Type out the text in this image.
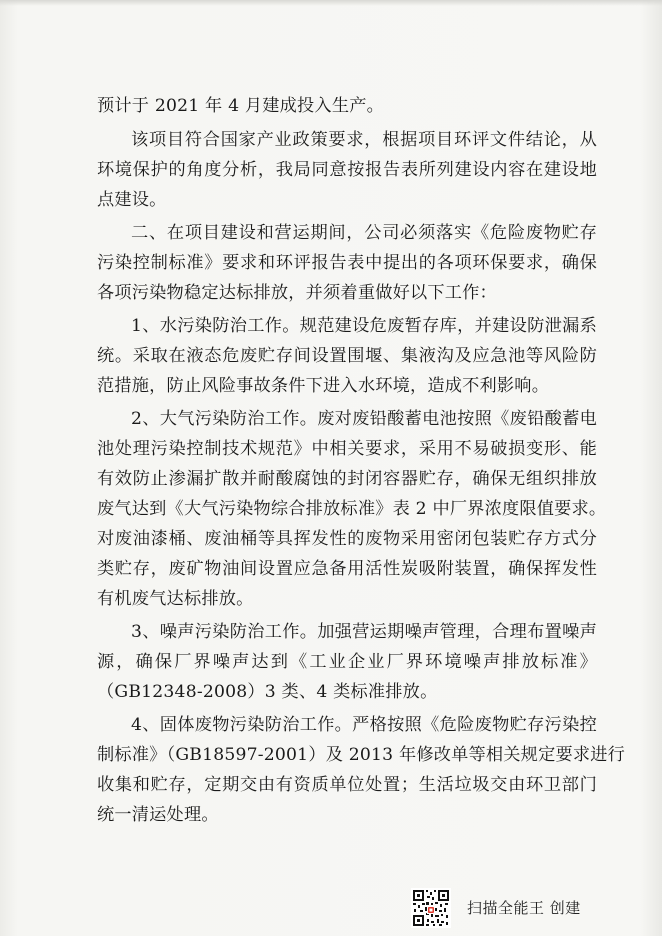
预计于 2021 年 4 月建成投入生产。
该项目符合国家产业政策要求，根据项目环评文件结论，从
环境保护的角度分析，我局同意按报告表所列建设内容在建设地
点建设。
二、在项目建设和营运期间，公司必须落实《危险废物贮存
污染控制标准》要求和环评报告表中提出的各项环保要求，确保
各项污染物稳定达标排放，并须着重做好以下工作：
1、水污染防治工作。规范建设危废暂存库，并建设防泄漏系
统。采取在液态危废贮存间设置围堰、集液沟及应急池等风险防
范措施，防止风险事故条件下进入水环境，造成不利影响。
2、大气污染防治工作。废对废铅酸蓄电池按照《废铅酸蓄电
池处理污染控制技术规范》中相关要求，采用不易破损变形、能
有效防止渗漏扩散并耐酸腐蚀的封闭容器贮存，确保无组织排放
废气达到《大气污染物综合排放标准》表 2 中厂界浓度限值要求。
对废油漆桶、废油桶等具挥发性的废物采用密闭包装贮存方式分
类贮存，废矿物油间设置应急备用活性炭吸附装置，确保挥发性
有机废气达标排放。
3、噪声污染防治工作。加强营运期噪声管理，合理布置噪声
源，确保厂界噪声达到《工业企业厂界环境噪声排放标准》
（GB12348-2008）3 类、4 类标准排放。
4、固体废物污染防治工作。严格按照《危险废物贮存污染控
制标准》（GB18597-2001）及 2013 年修改单等相关规定要求进行
收集和贮存，定期交由有资质单位处置；生活垃圾交由环卫部门
统一清运处理。
扫描全能王 创建
